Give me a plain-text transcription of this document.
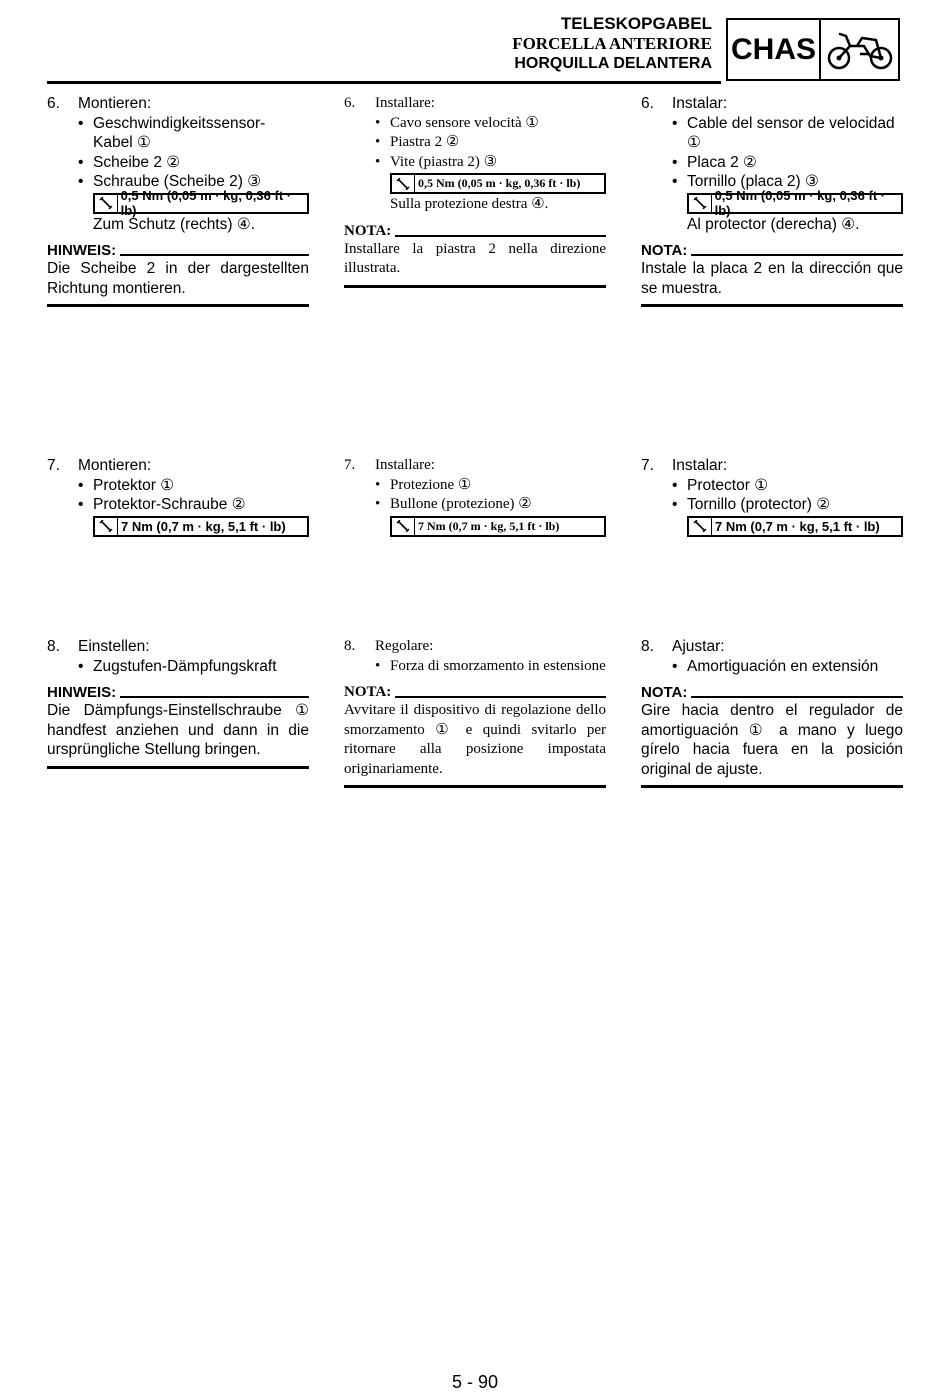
TELESKOPGABEL
FORCELLA ANTERIORE
HORQUILLA DELANTERA CHAS
6. Montieren:
• Geschwindigkeitssensor-
Kabel ①
• Scheibe 2 ②
• Schraube (Scheibe 2) ③
0,5 Nm (0,05 m · kg, 0,36 ft · lb)
Zum Schutz (rechts) ④.
HINWEIS:
Die Scheibe 2 in der dargestellten Richtung montieren.
7. Montieren:
• Protektor ①
• Protektor-Schraube ②
7 Nm (0,7 m · kg, 5,1 ft · lb)
8. Einstellen:
• Zugstufen-Dämpfungskraft
HINWEIS:
Die Dämpfungs-Einstellschraube ① handfest anziehen und dann in die ursprüngliche Stellung bringen.
6. Installare:
• Cavo sensore velocità ①
• Piastra 2 ②
• Vite (piastra 2) ③
0,5 Nm (0,05 m · kg, 0,36 ft · lb)
Sulla protezione destra ④.
NOTA:
Installare la piastra 2 nella direzione illustrata.
7. Installare:
• Protezione ①
• Bullone (protezione) ②
7 Nm (0,7 m · kg, 5,1 ft · lb)
8. Regolare:
• Forza di smorzamento in estensione
NOTA:
Avvitare il dispositivo di regolazione dello smorzamento ① e quindi svitarlo per ritornare alla posizione impostata originariamente.
6. Instalar:
• Cable del sensor de velocidad
①
• Placa 2 ②
• Tornillo (placa 2) ③
0,5 Nm (0,05 m · kg, 0,36 ft · lb)
Al protector (derecha) ④.
NOTA:
Instale la placa 2 en la dirección que se muestra.
7. Instalar:
• Protector ①
• Tornillo (protector) ②
7 Nm (0,7 m · kg, 5,1 ft · lb)
8. Ajustar:
• Amortiguación en extensión
NOTA:
Gire hacia dentro el regulador de amortiguación ① a mano y luego gírelo hacia fuera en la posición original de ajuste.
5 - 90
